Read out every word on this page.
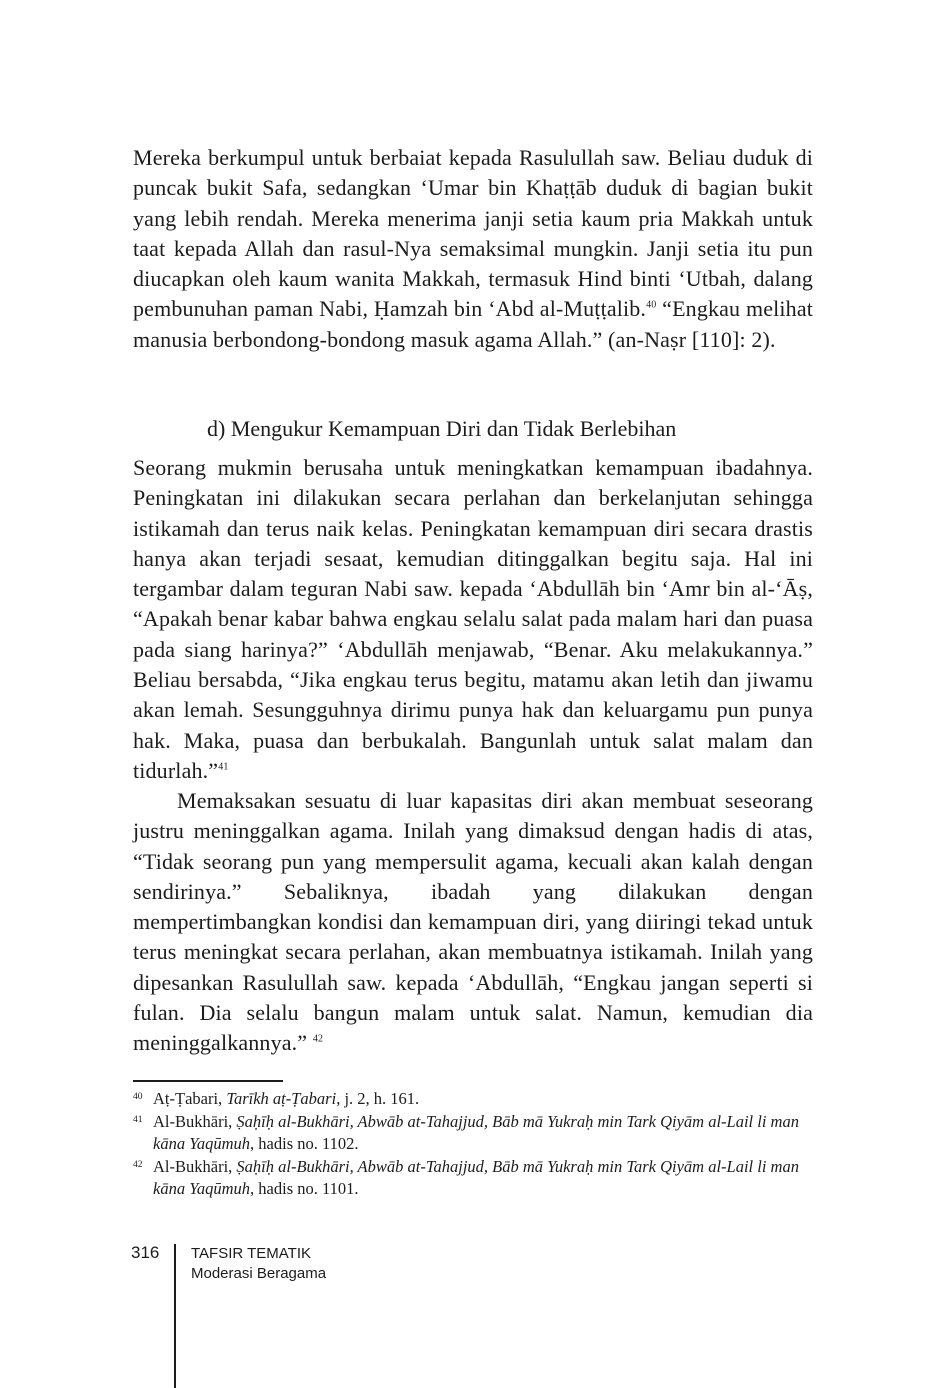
Mereka berkumpul untuk berbaiat kepada Rasulullah saw. Beliau duduk di puncak bukit Safa, sedangkan ‘Umar bin Khaṭṭāb duduk di bagian bukit yang lebih rendah. Mereka menerima janji setia kaum pria Makkah untuk taat kepada Allah dan rasul-Nya semaksimal mungkin. Janji setia itu pun diucapkan oleh kaum wanita Makkah, termasuk Hind binti ‘Utbah, dalang pembunuhan paman Nabi, Ḥamzah bin ‘Abd al-Muṭṭalib.$^{40}$ “Engkau melihat manusia berbondong-bondong masuk agama Allah.” (an-Naṣr [110]: 2).

d) Mengukur Kemampuan Diri dan Tidak Berlebihan

Seorang mukmin berusaha untuk meningkatkan kemampuan ibadahnya. Peningkatan ini dilakukan secara perlahan dan berkelanjutan sehingga istikamah dan terus naik kelas. Peningkatan kemampuan diri secara drastis hanya akan terjadi sesaat, kemudian ditinggalkan begitu saja. Hal ini tergambar dalam teguran Nabi saw. kepada ‘Abdullāh bin ‘Amr bin al-‘Āṣ, “Apakah benar kabar bahwa engkau selalu salat pada malam hari dan puasa pada siang harinya?” ‘Abdullāh menjawab, “Benar. Aku melakukannya.” Beliau bersabda, “Jika engkau terus begitu, matamu akan letih dan jiwamu akan lemah. Sesungguhnya dirimu punya hak dan keluargamu pun punya hak. Maka, puasa dan berbukalah. Bangunlah untuk salat malam dan tidurlah.”$^{41}$

Memaksakan sesuatu di luar kapasitas diri akan membuat seseorang justru meninggalkan agama. Inilah yang dimaksud dengan hadis di atas, “Tidak seorang pun yang mempersulit agama, kecuali akan kalah dengan sendirinya.” Sebaliknya, ibadah yang dilakukan dengan mempertimbangkan kondisi dan kemampuan diri, yang diiringi tekad untuk terus meningkat secara perlahan, akan membuatnya istikamah. Inilah yang dipesankan Rasulullah saw. kepada ‘Abdullāh, “Engkau jangan seperti si fulan. Dia selalu bangun malam untuk salat. Namun, kemudian dia meninggalkannya.” $^{42}$

40 Aṭ-Ṭabari, Tarīkh aṭ-Ṭabari, j. 2, h. 161.
41 Al-Bukhāri, Ṣaḥīḥ al-Bukhāri, Abwāb at-Tahajjud, Bāb mā Yukraḥ min Tark Qiyām al-Lail li man kāna Yaqūmuh, hadis no. 1102.
42 Al-Bukhāri, Ṣaḥīḥ al-Bukhāri, Abwāb at-Tahajjud, Bāb mā Yukraḥ min Tark Qiyām al-Lail li man kāna Yaqūmuh, hadis no. 1101.
316 TAFSIR TEMATIK
Moderasi Beragama
